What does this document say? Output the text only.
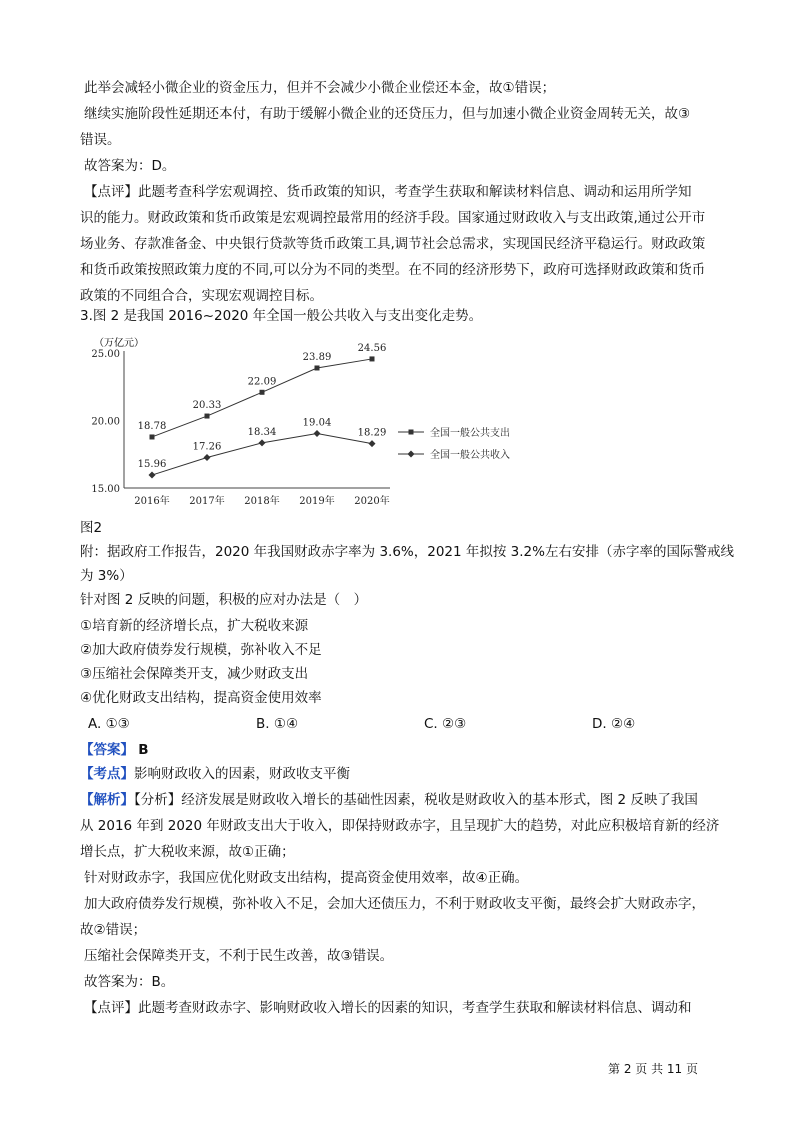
此举会减轻小微企业的资金压力，但并不会减少小微企业偿还本金，故①错误；
继续实施阶段性延期还本付，有助于缓解小微企业的还贷压力，但与加速小微企业资金周转无关，故③
错误。
故答案为：D。
【点评】此题考查科学宏观调控、货币政策的知识，考查学生获取和解读材料信息、调动和运用所学知
识的能力。财政政策和货币政策是宏观调控最常用的经济手段。国家通过财政收入与支出政策,通过公开市
场业务、存款准备金、中央银行贷款等货币政策工具,调节社会总需求，实现国民经济平稳运行。财政政策
和货币政策按照政策力度的不同,可以分为不同的类型。在不同的经济形势下，政府可选择财政政策和货币
政策的不同组合合，实现宏观调控目标。
3.图 2 是我国 2016~2020 年全国一般公共收入与支出变化走势。
（万亿元）
25.00
20.00
15.00
2016年 2017年 2018年 2019年 2020年
18.78
20.33
22.09
23.89
24.56
15.96
17.26
18.34
19.04
18.29	全国一般公共支出
全国一般公共收入
图2
附：据政府工作报告，2020 年我国财政赤字率为 3.6%，2021 年拟按 3.2%左右安排（赤字率的国际警戒线
为 3%）
针对图 2 反映的问题，积极的应对办法是（　）
①培育新的经济增长点，扩大税收来源
②加大政府债券发行规模，弥补收入不足
③压缩社会保障类开支，减少财政支出
④优化财政支出结构，提高资金使用效率
A. ①③	B. ①④	C. ②③	D. ②④
【答案】 B
【考点】影响财政收入的因素，财政收支平衡
【解析】【分析】经济发展是财政收入增长的基础性因素，税收是财政收入的基本形式，图 2 反映了我国
从 2016 年到 2020 年财政支出大于收入，即保持财政赤字，且呈现扩大的趋势，对此应积极培育新的经济
增长点，扩大税收来源，故①正确；
针对财政赤字，我国应优化财政支出结构，提高资金使用效率，故④正确。
加大政府债券发行规模，弥补收入不足，会加大还债压力，不利于财政收支平衡，最终会扩大财政赤字，
故②错误；
压缩社会保障类开支，不利于民生改善，故③错误。
故答案为：B。
【点评】此题考查财政赤字、影响财政收入增长的因素的知识，考查学生获取和解读材料信息、调动和
第 2 页 共 11 页
